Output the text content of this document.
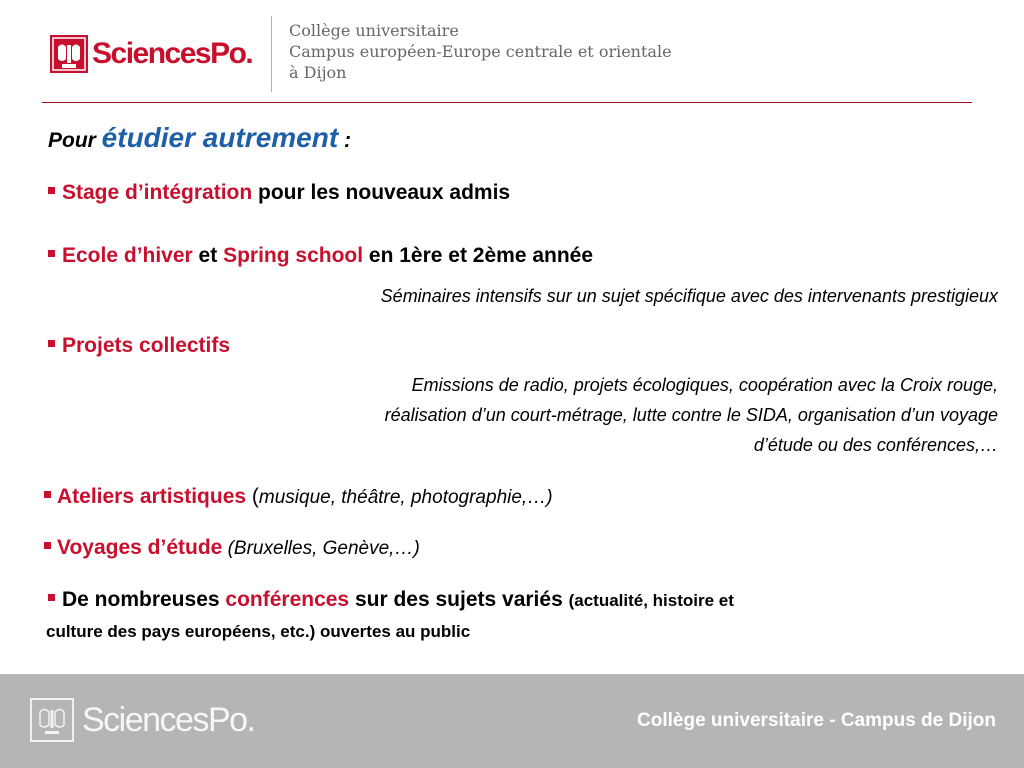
SciencesPo.
Collège universitaire
Campus européen-Europe centrale et orientale
à Dijon
Pour étudier autrement :
Stage d’intégration pour les nouveaux admis
Ecole d’hiver et Spring school en 1ère et 2ème année
Séminaires intensifs sur un sujet spécifique avec des intervenants prestigieux
Projets collectifs
Emissions de radio, projets écologiques, coopération avec la Croix rouge,
réalisation d’un court-métrage, lutte contre le SIDA, organisation d’un voyage
d’étude ou des conférences,…
Ateliers artistiques (musique, théâtre, photographie,…)
Voyages d’étude (Bruxelles, Genève,…)
De nombreuses conférences sur des sujets variés (actualité, histoire et
culture des pays européens, etc.) ouvertes au public
SciencesPo.	Collège universitaire - Campus de Dijon
